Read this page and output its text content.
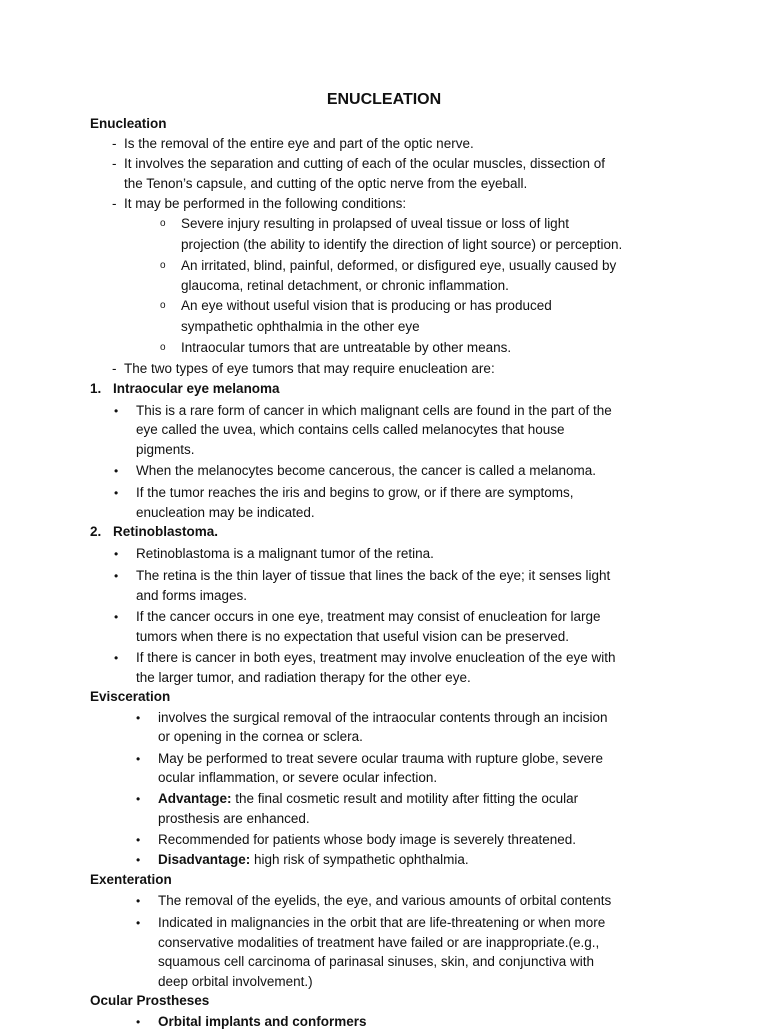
ENUCLEATION
Enucleation
- Is the removal of the entire eye and part of the optic nerve.
- It involves the separation and cutting of each of the ocular muscles, dissection of
the Tenon’s capsule, and cutting of the optic nerve from the eyeball.
- It may be performed in the following conditions:
o Severe injury resulting in prolapsed of uveal tissue or loss of light
projection (the ability to identify the direction of light source) or perception.
o An irritated, blind, painful, deformed, or disfigured eye, usually caused by
glaucoma, retinal detachment, or chronic inflammation.
o An eye without useful vision that is producing or has produced
sympathetic ophthalmia in the other eye
o Intraocular tumors that are untreatable by other means.
- The two types of eye tumors that may require enucleation are:
1. Intraocular eye melanoma
• This is a rare form of cancer in which malignant cells are found in the part of the
eye called the uvea, which contains cells called melanocytes that house
pigments.
• When the melanocytes become cancerous, the cancer is called a melanoma.
• If the tumor reaches the iris and begins to grow, or if there are symptoms,
enucleation may be indicated.
2. Retinoblastoma.
• Retinoblastoma is a malignant tumor of the retina.
• The retina is the thin layer of tissue that lines the back of the eye; it senses light
and forms images.
• If the cancer occurs in one eye, treatment may consist of enucleation for large
tumors when there is no expectation that useful vision can be preserved.
• If there is cancer in both eyes, treatment may involve enucleation of the eye with
the larger tumor, and radiation therapy for the other eye.
Evisceration
• involves the surgical removal of the intraocular contents through an incision
or opening in the cornea or sclera.
• May be performed to treat severe ocular trauma with rupture globe, severe
ocular inflammation, or severe ocular infection.
• Advantage: the final cosmetic result and motility after fitting the ocular
prosthesis are enhanced.
• Recommended for patients whose body image is severely threatened.
• Disadvantage: high risk of sympathetic ophthalmia.
Exenteration
• The removal of the eyelids, the eye, and various amounts of orbital contents
• Indicated in malignancies in the orbit that are life-threatening or when more
conservative modalities of treatment have failed or are inappropriate.(e.g.,
squamous cell carcinoma of parinasal sinuses, skin, and conjunctiva with
deep orbital involvement.)
Ocular Prostheses
• Orbital implants and conformers
